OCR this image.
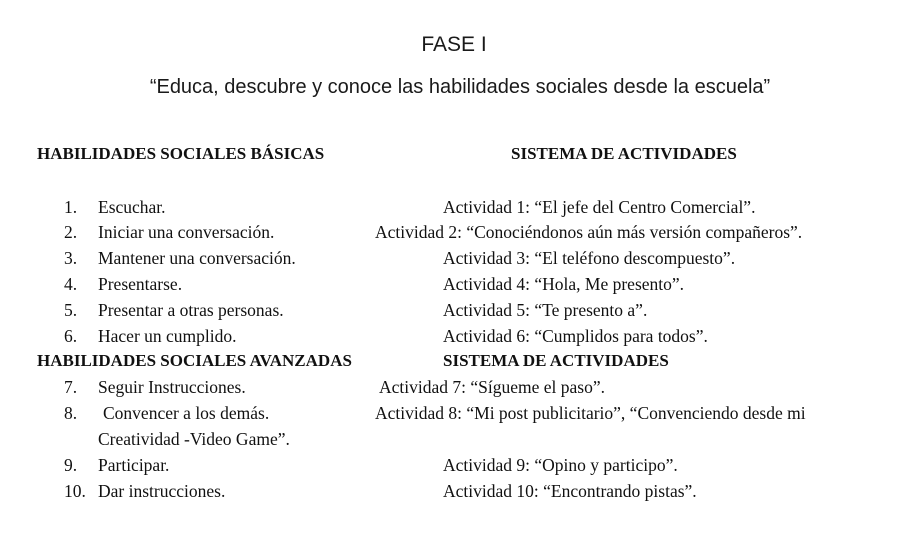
FASE I
“Educa, descubre y conoce las habilidades sociales desde la escuela”
HABILIDADES SOCIALES BÁSICAS	SISTEMA DE ACTIVIDADES
1. Escuchar.	Actividad 1: “El jefe del Centro Comercial”.
2. Iniciar una conversación.	Actividad 2: “Conociéndonos aún más versión compañeros”.
3. Mantener una conversación.	Actividad 3: “El teléfono descompuesto”.
4. Presentarse.	Actividad 4: “Hola, Me presento”.
5. Presentar a otras personas.	Actividad 5: “Te presento a”.
6. Hacer un cumplido.	Actividad 6: “Cumplidos para todos”.
HABILIDADES SOCIALES AVANZADAS	SISTEMA DE ACTIVIDADES
7. Seguir Instrucciones.	Actividad 7: “Sígueme el paso”.
8. Convencer a los demás.	Actividad 8: “Mi post publicitario”, “Convenciendo desde mi
Creatividad -Video Game”.
9. Participar.	Actividad 9: “Opino y participo”.
10. Dar instrucciones.	Actividad 10: “Encontrando pistas”.
